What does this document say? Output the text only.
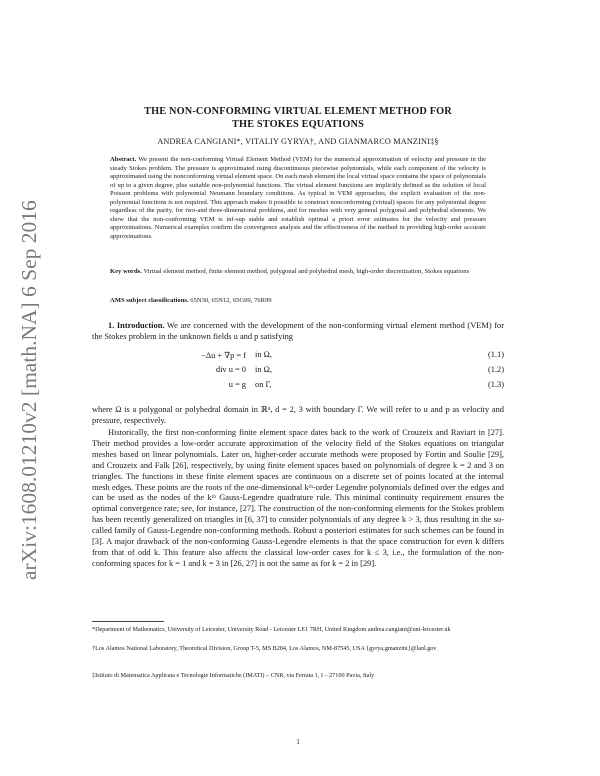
arXiv:1608.01210v2 [math.NA] 6 Sep 2016
THE NON-CONFORMING VIRTUAL ELEMENT METHOD FOR
THE STOKES EQUATIONS
ANDREA CANGIANI*, VITALIY GYRYA†, AND GIANMARCO MANZINI‡§
Abstract. We present the non-conforming Virtual Element Method (VEM) for the numerical approximation of velocity and pressure in the steady Stokes problem. The pressure is approximated using discontinuous piecewise polynomials, while each component of the velocity is approximated using the nonconforming virtual element space. On each mesh element the local virtual space contains the space of polynomials of up to a given degree, plus suitable non-polynomial functions. The virtual element functions are implicitly defined as the solution of local Poisson problems with polynomial Neumann boundary conditions. As typical in VEM approaches, the explicit evaluation of the non-polynomial functions is not required. This approach makes it possible to construct nonconforming (virtual) spaces for any polynomial degree regardless of the parity, for two-and three-dimensional problems, and for meshes with very general polygonal and polyhedral elements. We show that the non-conforming VEM is inf-sup stable and establish optimal a priori error estimates for the velocity and pressure approximations. Numerical examples confirm the convergence analysis and the effectiveness of the method in providing high-order accurate approximations.
Key words. Virtual element method, finite element method, polygonal and polyhedral mesh, high-order discretization, Stokes equations
AMS subject classifications. 65N30, 65N12, 65G99, 76R99
1. Introduction. We are concerned with the development of the non-conforming virtual element method (VEM) for the Stokes problem in the unknown fields u and p satisfying
−Δu + ∇p = f in Ω,	(1.1)
div u = 0 in Ω,	(1.2)
u = g on Γ,	(1.3)
where Ω is a polygonal or polyhedral domain in ℝᵈ, d = 2, 3 with boundary Γ. We will refer to u and p as velocity and pressure, respectively.
Historically, the first non-conforming finite element space dates back to the work of Crouzeix and Raviart in [27]. Their method provides a low-order accurate approximation of the velocity field of the Stokes equations on triangular meshes based on linear polynomials. Later on, higher-order accurate methods were proposed by Fortin and Soulie [29], and Crouzeix and Falk [26], respectively, by using finite element spaces based on polynomials of degree k = 2 and 3 on triangles. The functions in these finite element spaces are continuous on a discrete set of points located at the internal mesh edges. These points are the roots of the one-dimensional kᵗʰ-order Legendre polynomials defined over the edges and can be used as the nodes of the kᵗʰ Gauss-Legendre quadrature rule. This minimal continuity requirement ensures the optimal convergence rate; see, for instance, [27]. The construction of the non-conforming elements for the Stokes problem has been recently generalized on triangles in [6, 37] to consider polynomials of any degree k > 3, thus resulting in the so-called family of Gauss-Legendre non-conforming methods. Robust a posteriori estimates for such schemes can be found in [3]. A major drawback of the non-conforming Gauss-Legendre elements is that the space construction for even k differs from that of odd k. This feature also affects the classical low-order cases for k ≤ 3, i.e., the formulation of the non-conforming spaces for k = 1 and k = 3 in [26, 27] is not the same as for k = 2 in [29].
*Department of Mathematics, University of Leicester, University Road - Leicester LE1 7RH, United Kingdom andrea.cangiani@uni-leicester.uk
†Los Alamos National Laboratory, Theoretical Division, Group T-5, MS B284, Los Alamos, NM-87545, USA {gyrya,gmanzini}@lanl.gov
‡Istituto di Matematica Applicata e Tecnologie Informatiche (IMATI) – CNR, via Ferrata 1, I – 27100 Pavia, Italy
1
